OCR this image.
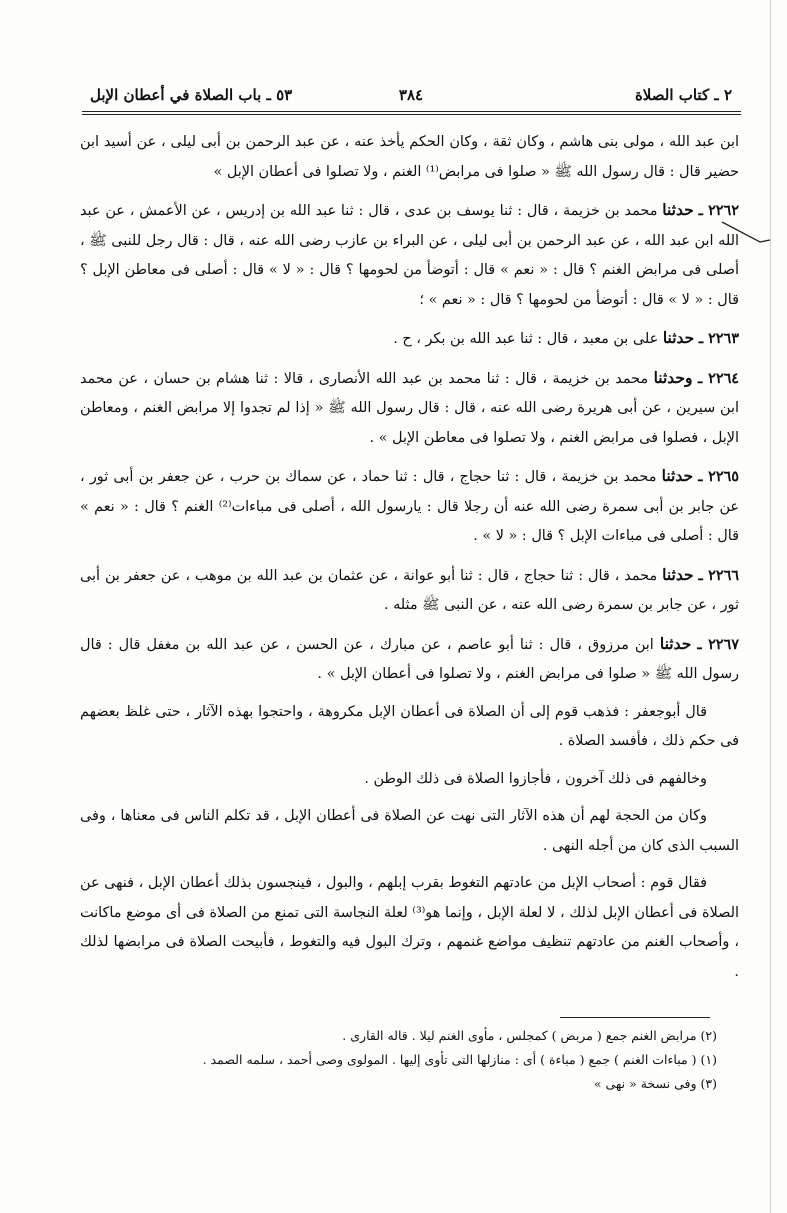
٢ ـ كتاب الصلاة
٣٨٤
٥٣ ـ باب الصلاة في أعطان الإبل

ابن عبد الله ، مولى بنى هاشم ، وكان ثقة ، وكان الحكم يأخذ عنه ، عن عبد الرحمن بن أبى ليلى ، عن أسيد ابن حضير قال : قال رسول الله ﷺ « صلوا فى مرابض⁽¹⁾ الغنم ، ولا تصلوا فى أعطان الإبل »

٢٢٦٢ ـ حدثنا محمد بن خزيمة ، قال : ثنا يوسف بن عدى ، قال : ثنا عبد الله بن إدريس ، عن الأعمش ، عن عبد الله ابن عبد الله ، عن عبد الرحمن بن أبى ليلى ، عن البراء بن عازب رضى الله عنه ، قال : قال رجل للنبى ﷺ ، أصلى فى مرابض الغنم ؟ قال : « نعم » قال : أتوضأ من لحومها ؟ قال : « لا » قال : أصلى فى معاطن الإبل ؟ قال : « لا » قال : أتوضأ من لحومها ؟ قال : « نعم » ؛

٢٢٦٣ ـ حدثنا على بن معبد ، قال : ثنا عبد الله بن بكر ، ح .

٢٢٦٤ ـ وحدثنا محمد بن خزيمة ، قال : ثنا محمد بن عبد الله الأنصارى ، قالا : ثنا هشام بن حسان ، عن محمد ابن سيرين ، عن أبى هريرة رضى الله عنه ، قال : قال رسول الله ﷺ « إذا لم تجدوا إلا مرابض الغنم ، ومعاطن الإبل ، فصلوا فى مرابض الغنم ، ولا تصلوا فى معاطن الإبل » .

٢٢٦٥ ـ حدثنا محمد بن خزيمة ، قال : ثنا حجاج ، قال : ثنا حماد ، عن سماك بن حرب ، عن جعفر بن أبى ثور ، عن جابر بن أبى سمرة رضى الله عنه أن رجلا قال : يارسول الله ، أصلى فى مباءات⁽²⁾ الغنم ؟ قال : « نعم » قال : أصلى فى مباءات الإبل ؟ قال : « لا » .

٢٢٦٦ ـ حدثنا محمد ، قال : ثنا حجاج ، قال : ثنا أبو عوانة ، عن عثمان بن عبد الله بن موهب ، عن جعفر بن أبى ثور ، عن جابر بن سمرة رضى الله عنه ، عن النبى ﷺ مثله .

٢٢٦٧ ـ حدثنا ابن مرزوق ، قال : ثنا أبو عاصم ، عن مبارك ، عن الحسن ، عن عبد الله بن مغفل قال : قال رسول الله ﷺ « صلوا فى مرابض الغنم ، ولا تصلوا فى أعطان الإبل » .

قال أبوجعفر : فذهب قوم إلى أن الصلاة فى أعطان الإبل مكروهة ، واحتجوا بهذه الآثار ، حتى غلظ بعضهم فى حكم ذلك ، فأفسد الصلاة .

وخالفهم فى ذلك آخرون ، فأجازوا الصلاة فى ذلك الوطن .

وكان من الحجة لهم أن هذه الآثار التى نهت عن الصلاة فى أعطان الإبل ، قد تكلم الناس فى معناها ، وفى السبب الذى كان من أجله النهى .

فقال قوم : أصحاب الإبل من عادتهم التغوط بقرب إبلهم ، والبول ، فينجسون بذلك أعطان الإبل ، فنهى عن الصلاة فى أعطان الإبل لذلك ، لا لعلة الإبل ، وإنما هو⁽³⁾ لعلة النجاسة التى تمنع من الصلاة فى أى موضع ماكانت ، وأصحاب الغنم من عادتهم تنظيف مواضع غنمهم ، وترك البول فيه والتغوط ، فأبيحت الصلاة فى مرابضها لذلك .

(٢) مرابض الغنم جمع ( مربض ) كمجلس ، مأوى الغنم ليلا . قاله القارى .

(١) ( مباءات الغنم ) جمع ( مباءة ) أى : منازلها التى تأوى إليها . المولوى وصى أحمد ، سلمه الصمد .

(٣) وفى نسخة « نهى »
